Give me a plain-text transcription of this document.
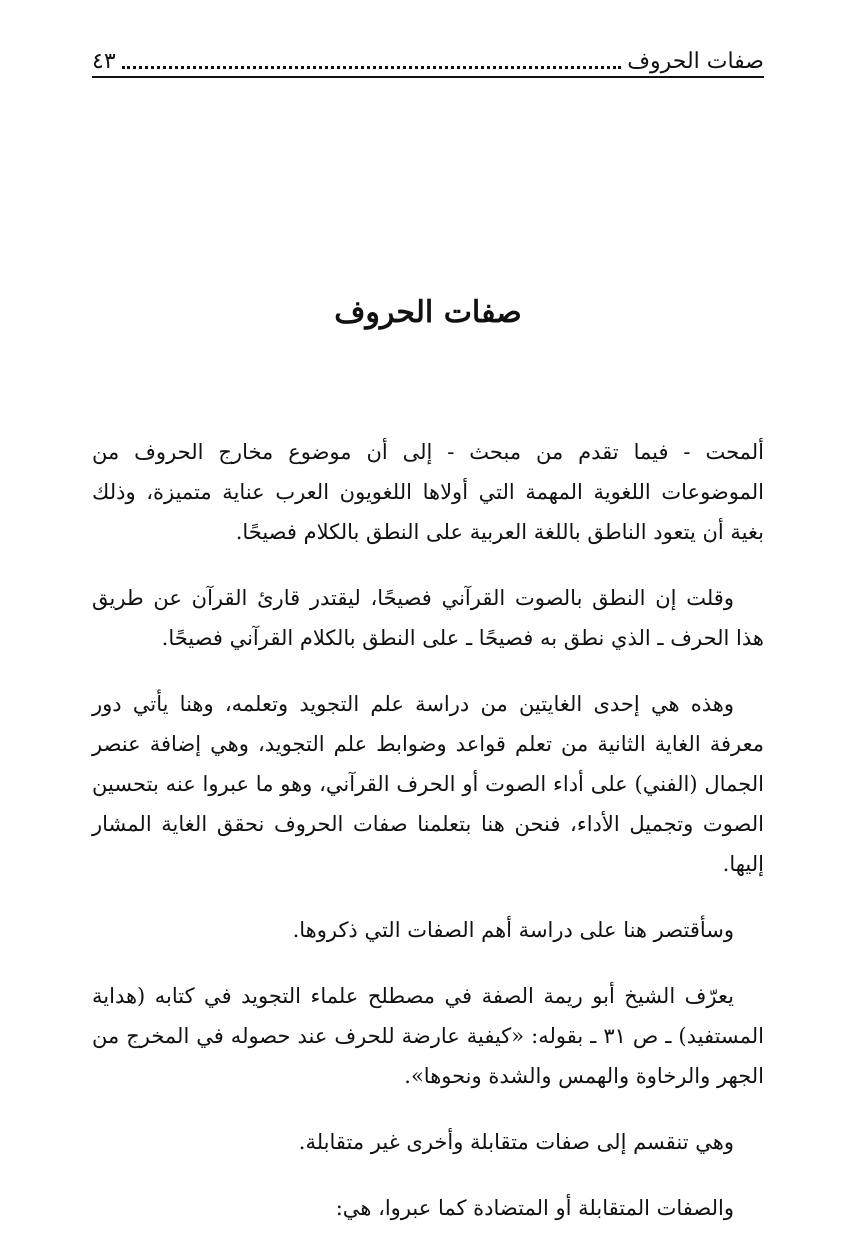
صفات الحروف
٤٣
صفات الحروف

ألمحت - فيما تقدم من مبحث - إلى أن موضوع مخارج الحروف من الموضوعات اللغوية المهمة التي أولاها اللغويون العرب عناية متميزة، وذلك بغية أن يتعود الناطق باللغة العربية على النطق بالكلام فصيحًا.

وقلت إن النطق بالصوت القرآني فصيحًا، ليقتدر قارئ القرآن عن طريق هذا الحرف ـ الذي نطق به فصيحًا ـ على النطق بالكلام القرآني فصيحًا.

وهذه هي إحدى الغايتين من دراسة علم التجويد وتعلمه، وهنا يأتي دور معرفة الغاية الثانية من تعلم قواعد وضوابط علم التجويد، وهي إضافة عنصر الجمال (الفني) على أداء الصوت أو الحرف القرآني، وهو ما عبروا عنه بتحسين الصوت وتجميل الأداء، فنحن هنا بتعلمنا صفات الحروف نحقق الغاية المشار إليها.

وسأقتصر هنا على دراسة أهم الصفات التي ذكروها.

يعرّف الشيخ أبو ريمة الصفة في مصطلح علماء التجويد في كتابه (هداية المستفيد) ـ ص ٣١ ـ بقوله: «كيفية عارضة للحرف عند حصوله في المخرج من الجهر والرخاوة والهمس والشدة ونحوها».

وهي تنقسم إلى صفات متقابلة وأخرى غير متقابلة.

والصفات المتقابلة أو المتضادة كما عبروا، هي:
